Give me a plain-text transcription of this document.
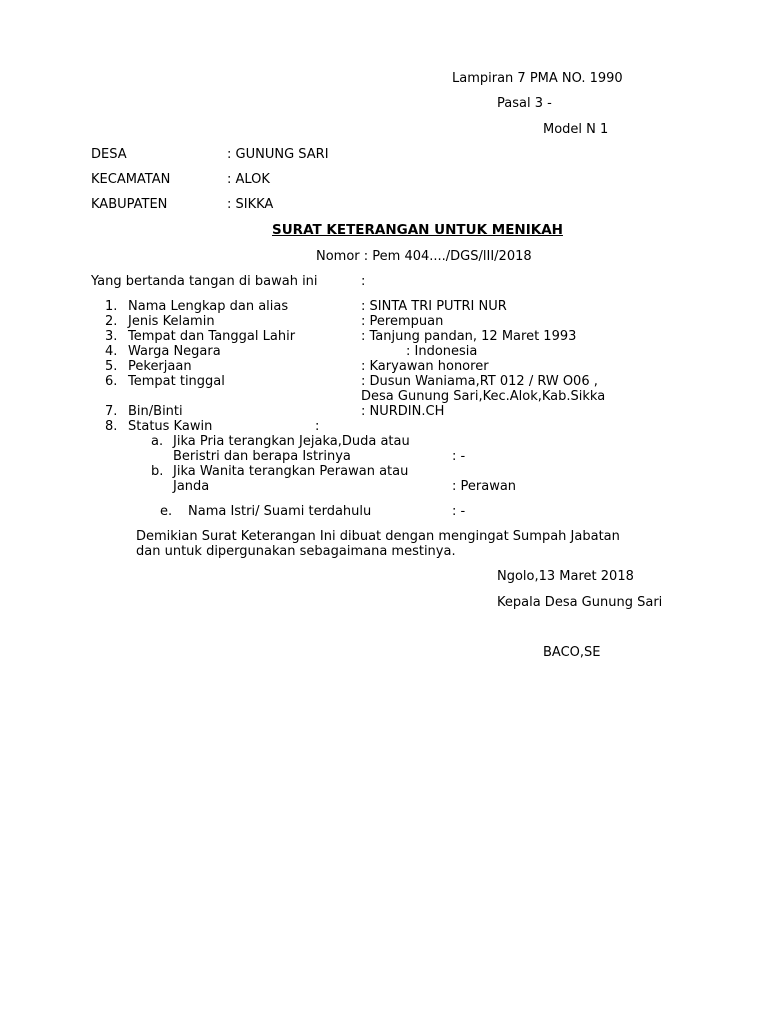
Lampiran 7 PMA NO. 1990

Pasal 3 -

Model N 1

DESA	: GUNUNG SARI

KECAMATAN	: ALOK

KABUPATEN	: SIKKA

SURAT KETERANGAN UNTUK MENIKAH

Nomor : Pem 404..../DGS/lII/2018

Yang bertanda tangan di bawah ini	:

1. Nama Lengkap dan alias	: SINTA TRI PUTRI NUR

2. Jenis Kelamin	: Perempuan

3. Tempat dan Tanggal Lahir	: Tanjung pandan, 12 Maret 1993

4. Warga Negara	: Indonesia

5. Pekerjaan	: Karyawan honorer

6. Tempat tinggal	: Dusun Waniama,RT 012 / RW O06 ,

Desa Gunung Sari,Kec.Alok,Kab.Sikka

7. Bin/Binti	: NURDIN.CH

8. Status Kawin	:

a. Jika Pria terangkan Jejaka,Duda atau

Beristri dan berapa Istrinya	: -

b. Jika Wanita terangkan Perawan atau

Janda	: Perawan

e. Nama Istri/ Suami terdahulu	: -

Demikian Surat Keterangan Ini dibuat dengan mengingat Sumpah Jabatan

dan untuk dipergunakan sebagaimana mestinya.

Ngolo,13 Maret 2018

Kepala Desa Gunung Sari

BACO,SE
